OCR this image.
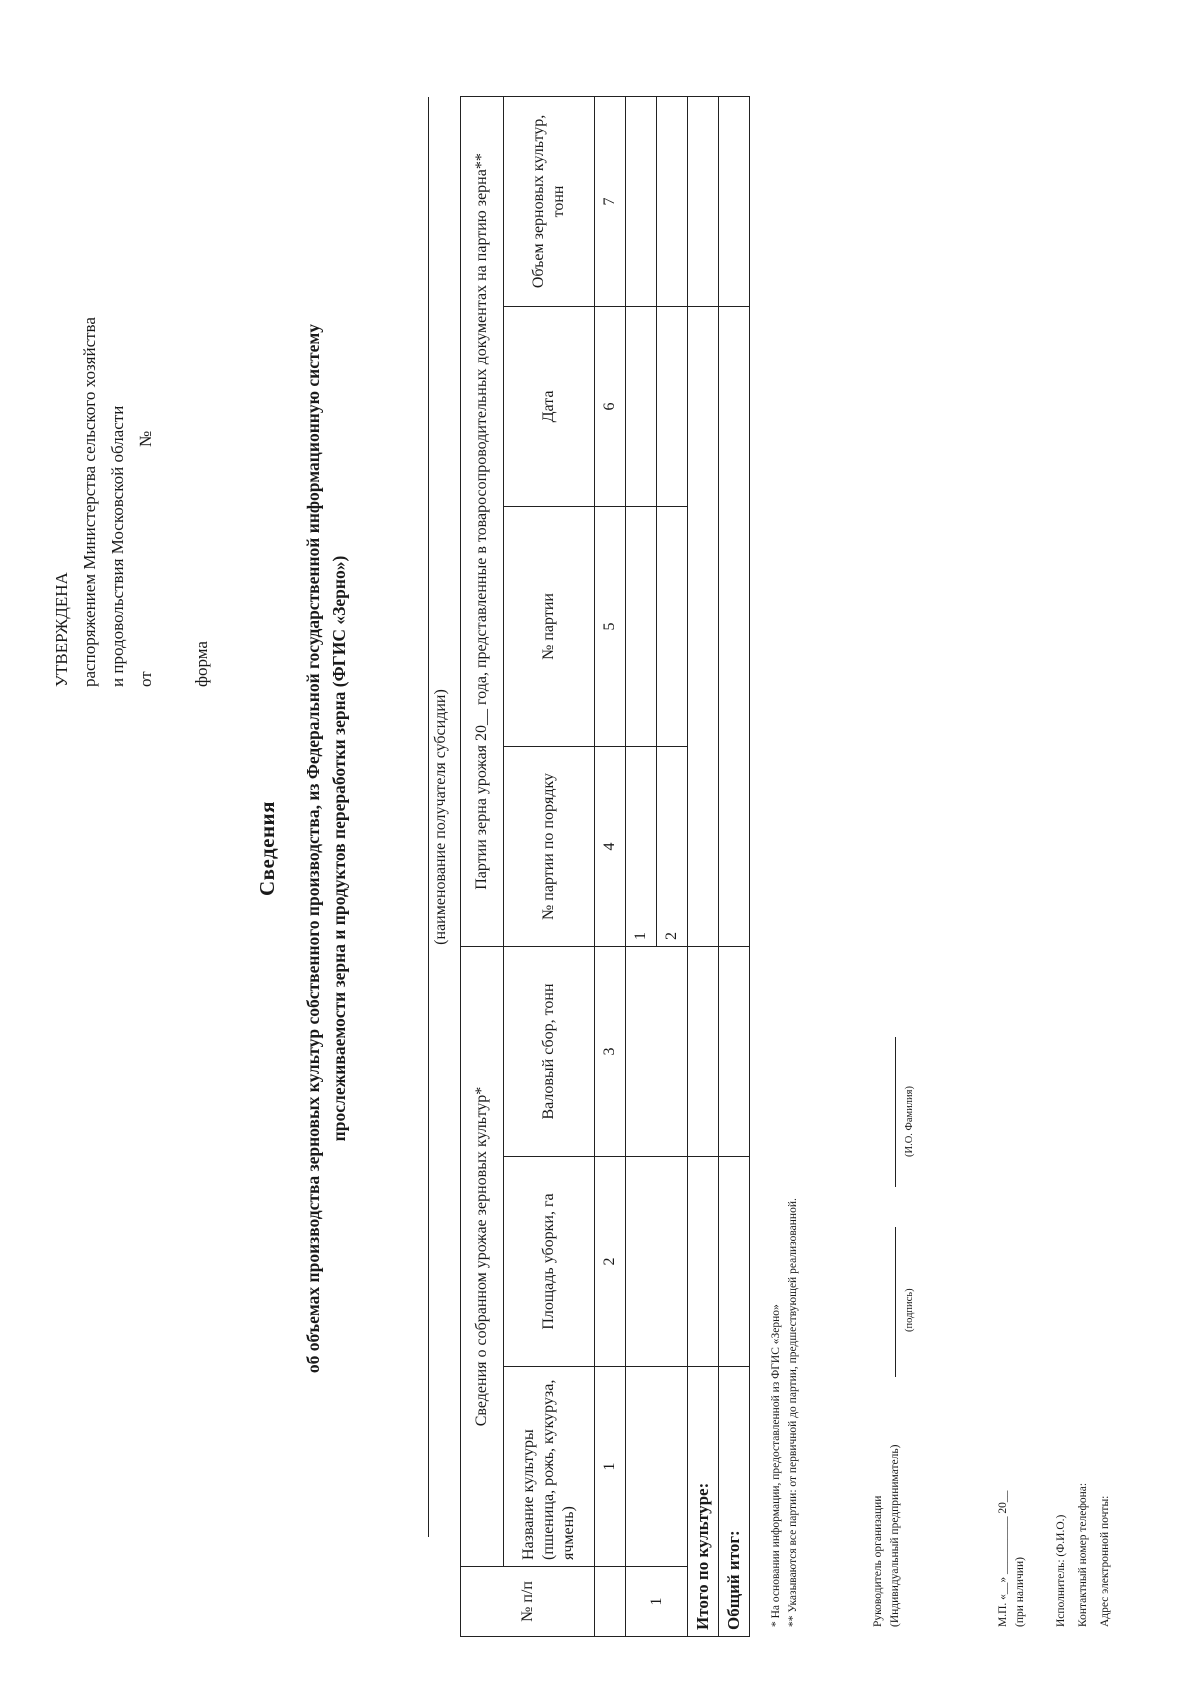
УТВЕРЖДЕНА распоряжением Министерства сельского хозяйства и продовольствия Московской области от №
форма
Сведения об объемах производства зерновых культур собственного производства, из Федеральной государственной информационную систему прослеживаемости зерна и продуктов переработки зерна (ФГИС «Зерно»)	(наименование получателя субсидии)
№ п/п	Сведения о собранном урожае зерновых культур*			Партии зерна урожая 20__ года, представленные в товаросопроводительных документах на партию зерна**			
	Название культуры (пшеница, рожь, кукуруза, ячмень)	Площадь уборки, га	Валовый сбор, тонн	№ партии по порядку	№ партии	Дата	Объем зерновых культур, тонн
	1	2	3	4	5	6	7
1				1			
				2			
Итого по культуре:							
Общий итог:							* На основании информации, предоставленной из ФГИС «Зерно» ** Указываются все партии: от первичной до партии, предшествующей реализованной.	Руководитель организации (Индивидуальный предприниматель)
(подпись)
(И.О. Фамилия)
М.П. «__» __________ 20__ (при наличии)	Исполнитель: (Ф.И.О.) Контактный номер телефона: Адрес электронной почты:
